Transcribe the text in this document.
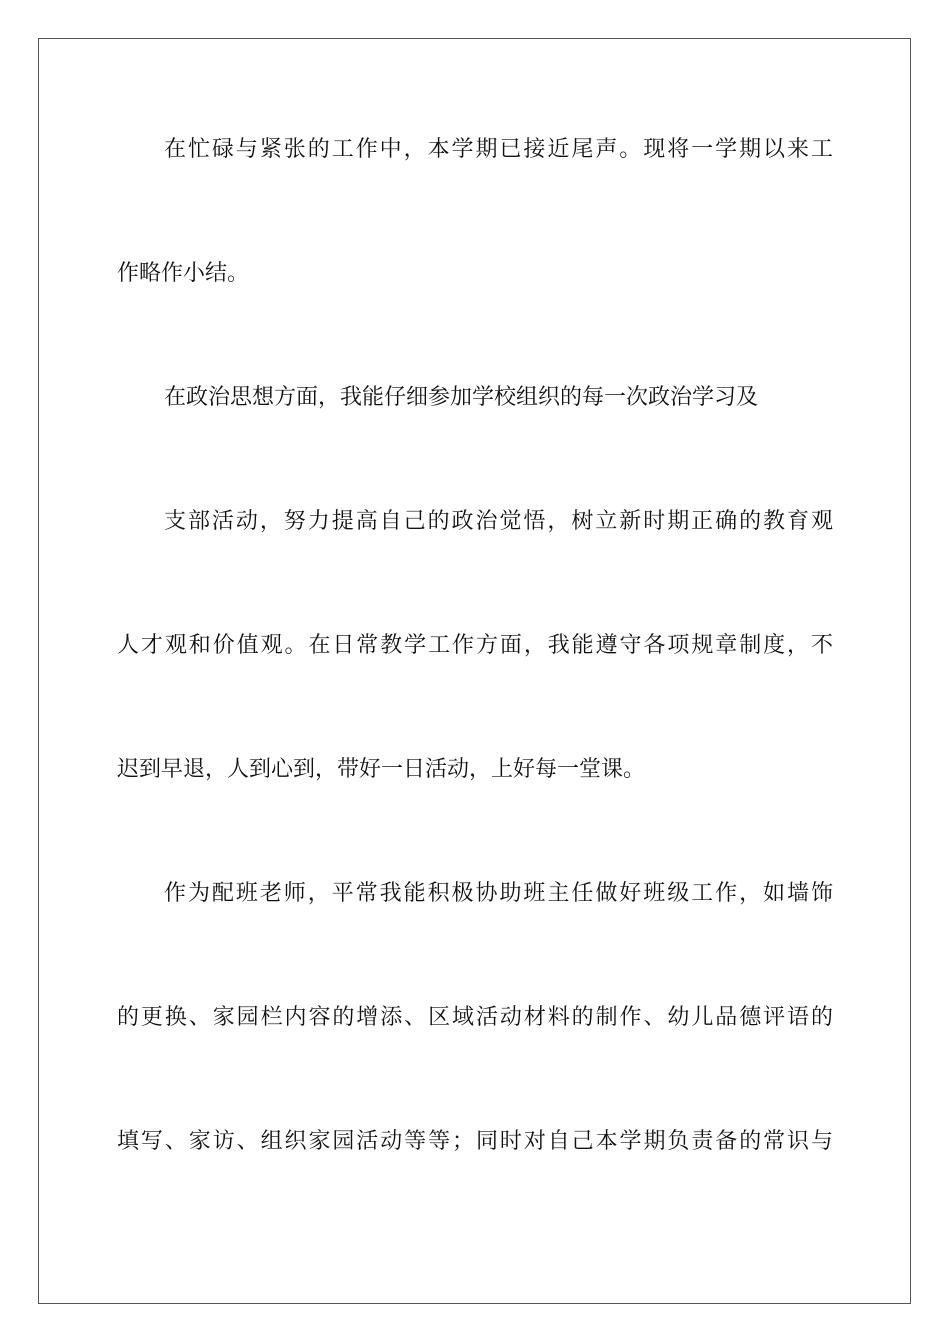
在忙碌与紧张的工作中，本学期已接近尾声。现将一学期以来工
作略作小结。
在政治思想方面，我能仔细参加学校组织的每一次政治学习及
支部活动，努力提高自己的政治觉悟，树立新时期正确的教育观
人才观和价值观。在日常教学工作方面，我能遵守各项规章制度，不
迟到早退，人到心到，带好一日活动，上好每一堂课。
作为配班老师，平常我能积极协助班主任做好班级工作，如墙饰
的更换、家园栏内容的增添、区域活动材料的制作、幼儿品德评语的
填写、家访、组织家园活动等等；同时对自己本学期负责备的常识与
